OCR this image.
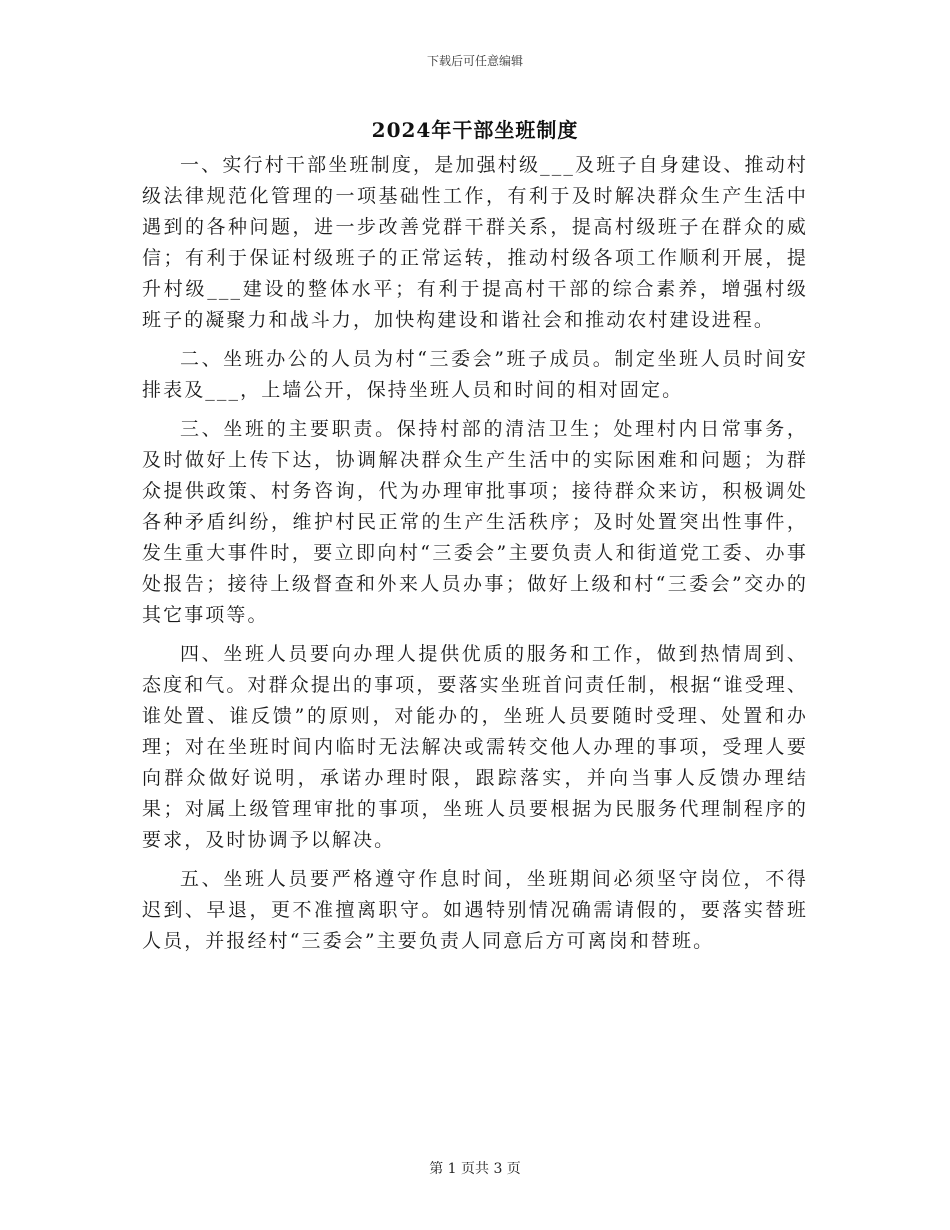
下载后可任意编辑
2024年干部坐班制度

一、实行村干部坐班制度，是加强村级___及班子自身建设、推动村级法律规范化管理的一项基础性工作，有利于及时解决群众生产生活中遇到的各种问题，进一步改善党群干群关系，提高村级班子在群众的威信；有利于保证村级班子的正常运转，推动村级各项工作顺利开展，提升村级___建设的整体水平；有利于提高村干部的综合素养，增强村级班子的凝聚力和战斗力，加快构建设和谐社会和推动农村建设进程。

二、坐班办公的人员为村“三委会”班子成员。制定坐班人员时间安排表及___，上墙公开，保持坐班人员和时间的相对固定。

三、坐班的主要职责。保持村部的清洁卫生；处理村内日常事务，及时做好上传下达，协调解决群众生产生活中的实际困难和问题；为群众提供政策、村务咨询，代为办理审批事项；接待群众来访，积极调处各种矛盾纠纷，维护村民正常的生产生活秩序；及时处置突出性事件，发生重大事件时，要立即向村“三委会”主要负责人和街道党工委、办事处报告；接待上级督查和外来人员办事；做好上级和村“三委会”交办的其它事项等。

四、坐班人员要向办理人提供优质的服务和工作，做到热情周到、态度和气。对群众提出的事项，要落实坐班首问责任制，根据“谁受理、谁处置、谁反馈”的原则，对能办的，坐班人员要随时受理、处置和办理；对在坐班时间内临时无法解决或需转交他人办理的事项，受理人要向群众做好说明，承诺办理时限，跟踪落实，并向当事人反馈办理结果；对属上级管理审批的事项，坐班人员要根据为民服务代理制程序的要求，及时协调予以解决。

五、坐班人员要严格遵守作息时间，坐班期间必须坚守岗位，不得迟到、早退，更不准擅离职守。如遇特别情况确需请假的，要落实替班人员，并报经村“三委会”主要负责人同意后方可离岗和替班。

第 1 页共 3 页
